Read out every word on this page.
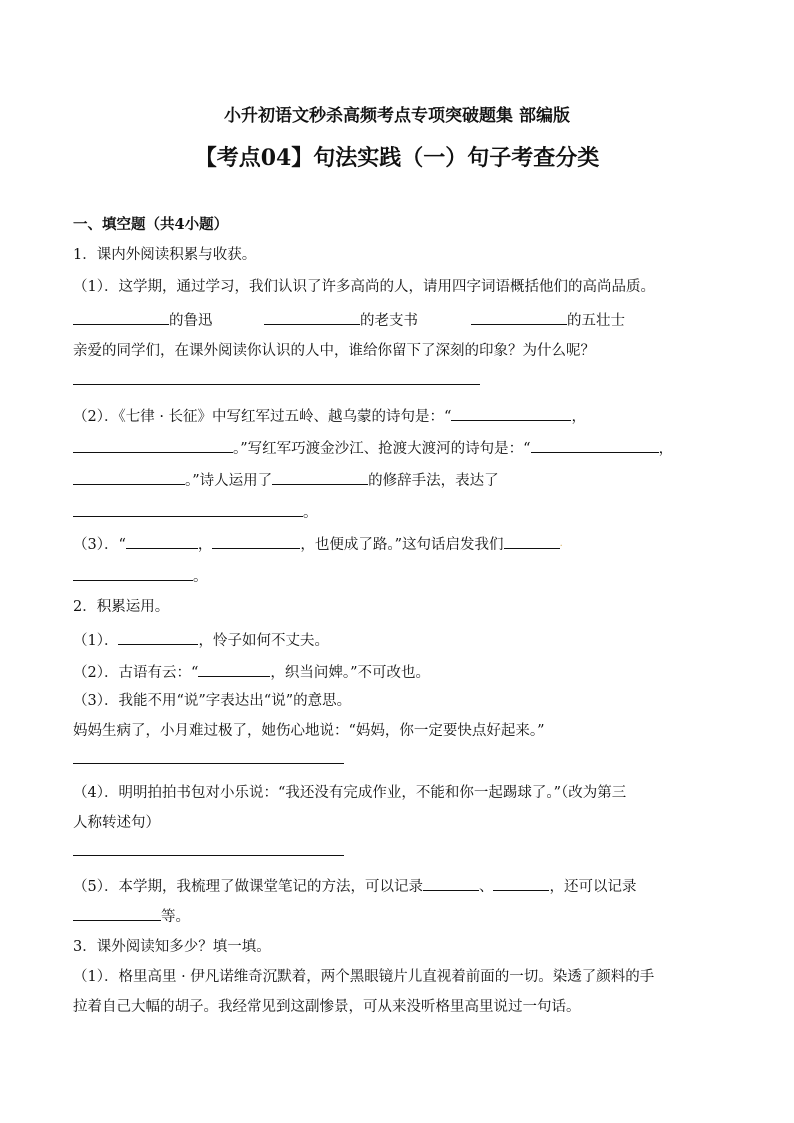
小升初语文秒杀高频考点专项突破题集 部编版
【考点04】句法实践（一）句子考查分类
一、填空题（共4小题）
1．课内外阅读积累与收获。
（1）．这学期，通过学习，我们认识了许多高尚的人，请用四字词语概括他们的高尚品质。
的鲁迅	的老支书	的五壮士
亲爱的同学们，在课外阅读你认识的人中，谁给你留下了深刻的印象？为什么呢？
（2）．《七律 · 长征》中写红军过五岭、越乌蒙的诗句是：“	，
。”写红军巧渡金沙江、抢渡大渡河的诗句是：“	，
。”诗人运用了	的修辞手法，表达了
。
（3）．“	，	，也便成了路。”这句话启发我们	·
。
2．积累运用。
（1）．	，怜子如何不丈夫。
（2）．古语有云：“	，织当问婢。”不可改也。
（3）．我能不用“说”字表达出“说”的意思。
妈妈生病了，小月难过极了，她伤心地说：“妈妈，你一定要快点好起来。”
（4）．明明拍拍书包对小乐说：“我还没有完成作业，不能和你一起踢球了。”（改为第三
人称转述句）
（5）．本学期，我梳理了做课堂笔记的方法，可以记录	、	，还可以记录
等。
3．课外阅读知多少？填一填。
（1）．格里高里 · 伊凡诺维奇沉默着，两个黑眼镜片儿直视着前面的一切。染透了颜料的手
拉着自己大幅的胡子。我经常见到这副惨景，可从来没听格里高里说过一句话。
